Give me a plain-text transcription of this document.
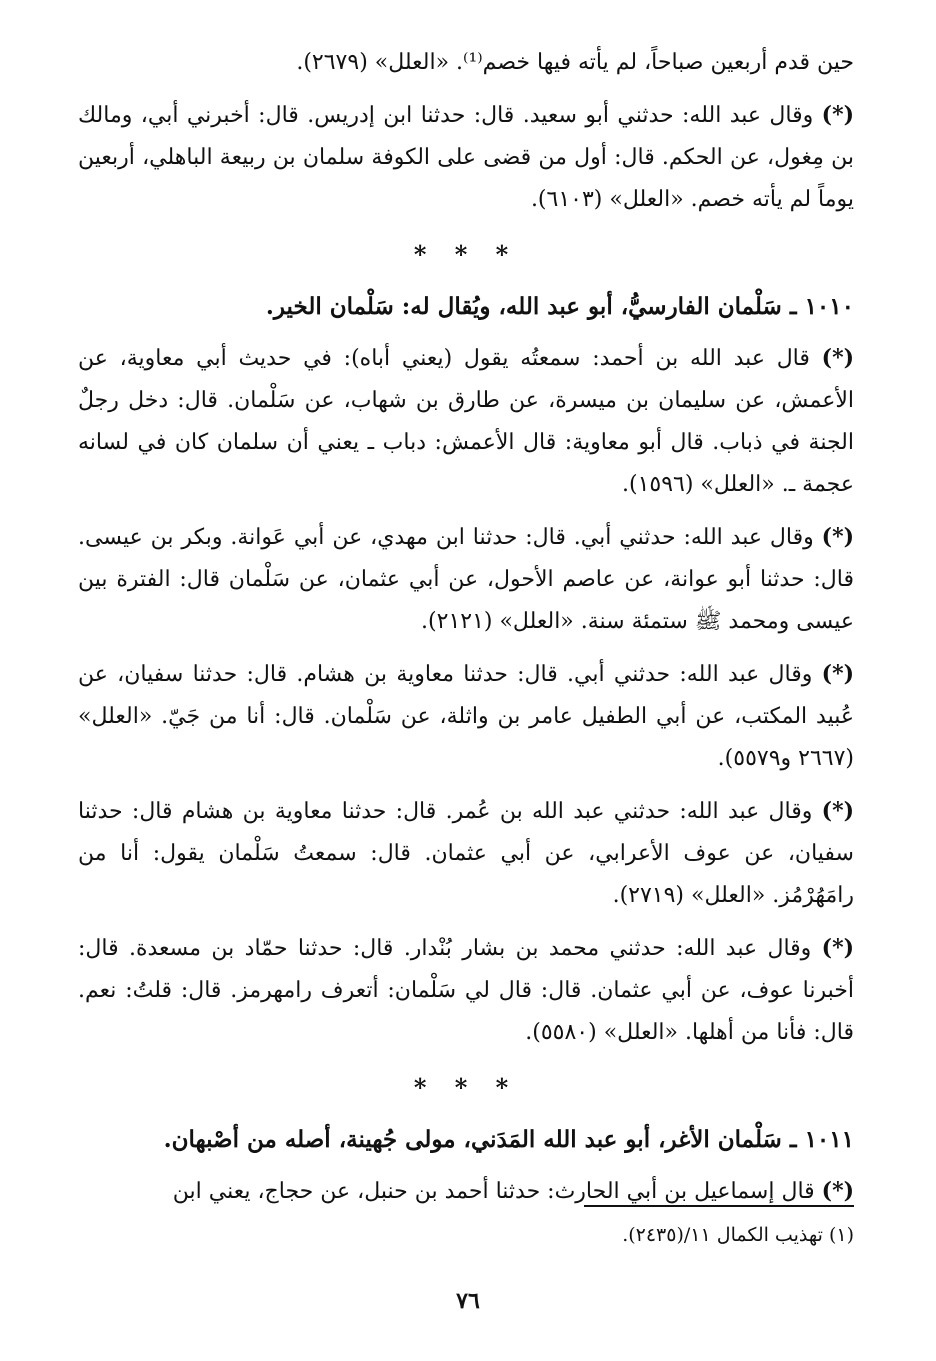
حين قدم أربعين صباحاً، لم يأته فيها خصم⁽¹⁾. «العلل» (٢٦٧٩).

(*) وقال عبد الله: حدثني أبو سعيد. قال: حدثنا ابن إدريس. قال: أخبرني أبي، ومالك بن مِغول، عن الحكم. قال: أول من قضى على الكوفة سلمان بن ربيعة الباهلي، أربعين يوماً لم يأته خصم. «العلل» (٦١٠٣).

* * *

١٠١٠ ـ سَلْمان الفارسيُّ، أبو عبد الله، ويُقال له: سَلْمان الخير.

(*) قال عبد الله بن أحمد: سمعتُه يقول (يعني أباه): في حديث أبي معاوية، عن الأعمش، عن سليمان بن ميسرة، عن طارق بن شهاب، عن سَلْمان. قال: دخل رجلٌ الجنة في ذباب. قال أبو معاوية: قال الأعمش: دباب ـ يعني أن سلمان كان في لسانه عجمة ـ. «العلل» (١٥٩٦).

(*) وقال عبد الله: حدثني أبي. قال: حدثنا ابن مهدي، عن أبي عَوانة. وبكر بن عيسى. قال: حدثنا أبو عوانة، عن عاصم الأحول، عن أبي عثمان، عن سَلْمان قال: الفترة بين عيسى ومحمد ﷺ ستمئة سنة. «العلل» (٢١٢١).

(*) وقال عبد الله: حدثني أبي. قال: حدثنا معاوية بن هشام. قال: حدثنا سفيان، عن عُبيد المكتب، عن أبي الطفيل عامر بن واثلة، عن سَلْمان. قال: أنا من جَيّ. «العلل» (٢٦٦٧ و٥٥٧٩).

(*) وقال عبد الله: حدثني عبد الله بن عُمر. قال: حدثنا معاوية بن هشام قال: حدثنا سفيان، عن عوف الأعرابي، عن أبي عثمان. قال: سمعتُ سَلْمان يقول: أنا من رامَهُرْمُز. «العلل» (٢٧١٩).

(*) وقال عبد الله: حدثني محمد بن بشار بُنْدار. قال: حدثنا حمّاد بن مسعدة. قال: أخبرنا عوف، عن أبي عثمان. قال: قال لي سَلْمان: أتعرف رامهرمز. قال: قلتُ: نعم. قال: فأنا من أهلها. «العلل» (٥٥٨٠).

* * *

١٠١١ ـ سَلْمان الأغر، أبو عبد الله المَدَني، مولى جُهينة، أصله من أصْبهان.

(*) قال إسماعيل بن أبي الحارث: حدثنا أحمد بن حنبل، عن حجاج، يعني ابن

(١) تهذيب الكمال ١١/(٢٤٣٥).
٧٦
